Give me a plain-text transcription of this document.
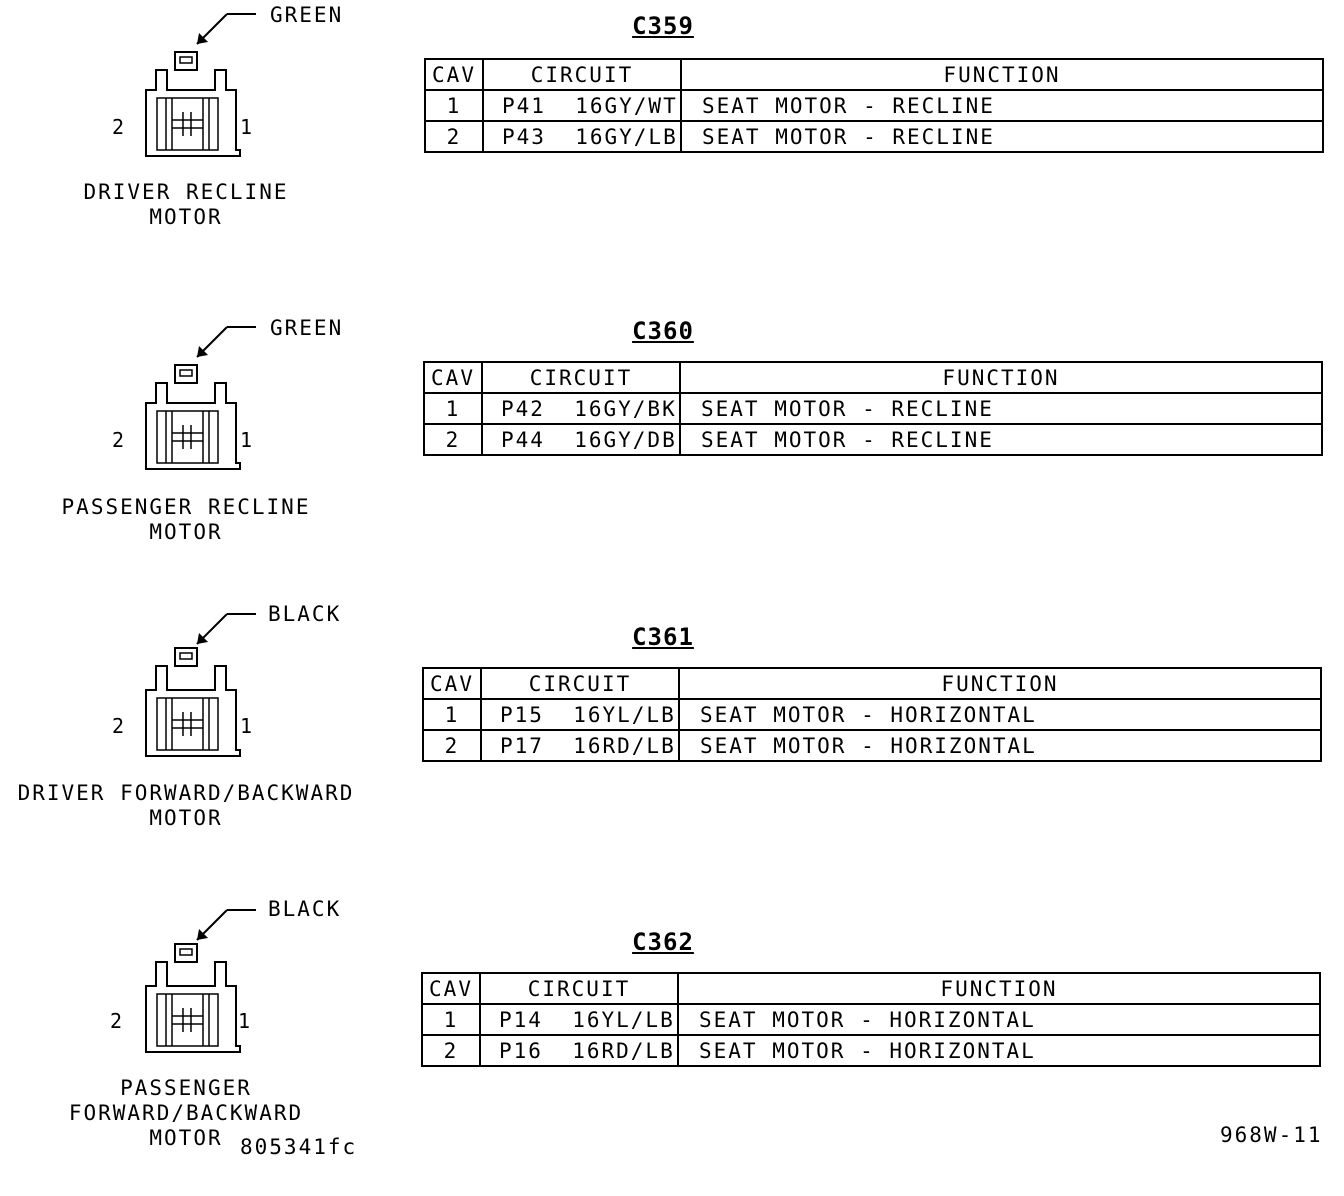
GREEN
2	1
DRIVER RECLINE
MOTOR
C359
CAV	CIRCUIT	FUNCTION
1	P41  16GY/WT	SEAT MOTOR - RECLINE
2	P43  16GY/LB	SEAT MOTOR - RECLINE
GREEN
2	1
PASSENGER RECLINE
MOTOR
C360
CAV	CIRCUIT	FUNCTION
1	P42  16GY/BK	SEAT MOTOR - RECLINE
2	P44  16GY/DB	SEAT MOTOR - RECLINE
BLACK
2	1
DRIVER FORWARD/BACKWARD
MOTOR
C361
CAV	CIRCUIT	FUNCTION
1	P15  16YL/LB	SEAT MOTOR - HORIZONTAL
2	P17  16RD/LB	SEAT MOTOR - HORIZONTAL
BLACK
2	1
PASSENGER FORWARD/BACKWARD
MOTOR
C362
CAV	CIRCUIT	FUNCTION
1	P14  16YL/LB	SEAT MOTOR - HORIZONTAL
2	P16  16RD/LB	SEAT MOTOR - HORIZONTAL
805341fc	968W-11
